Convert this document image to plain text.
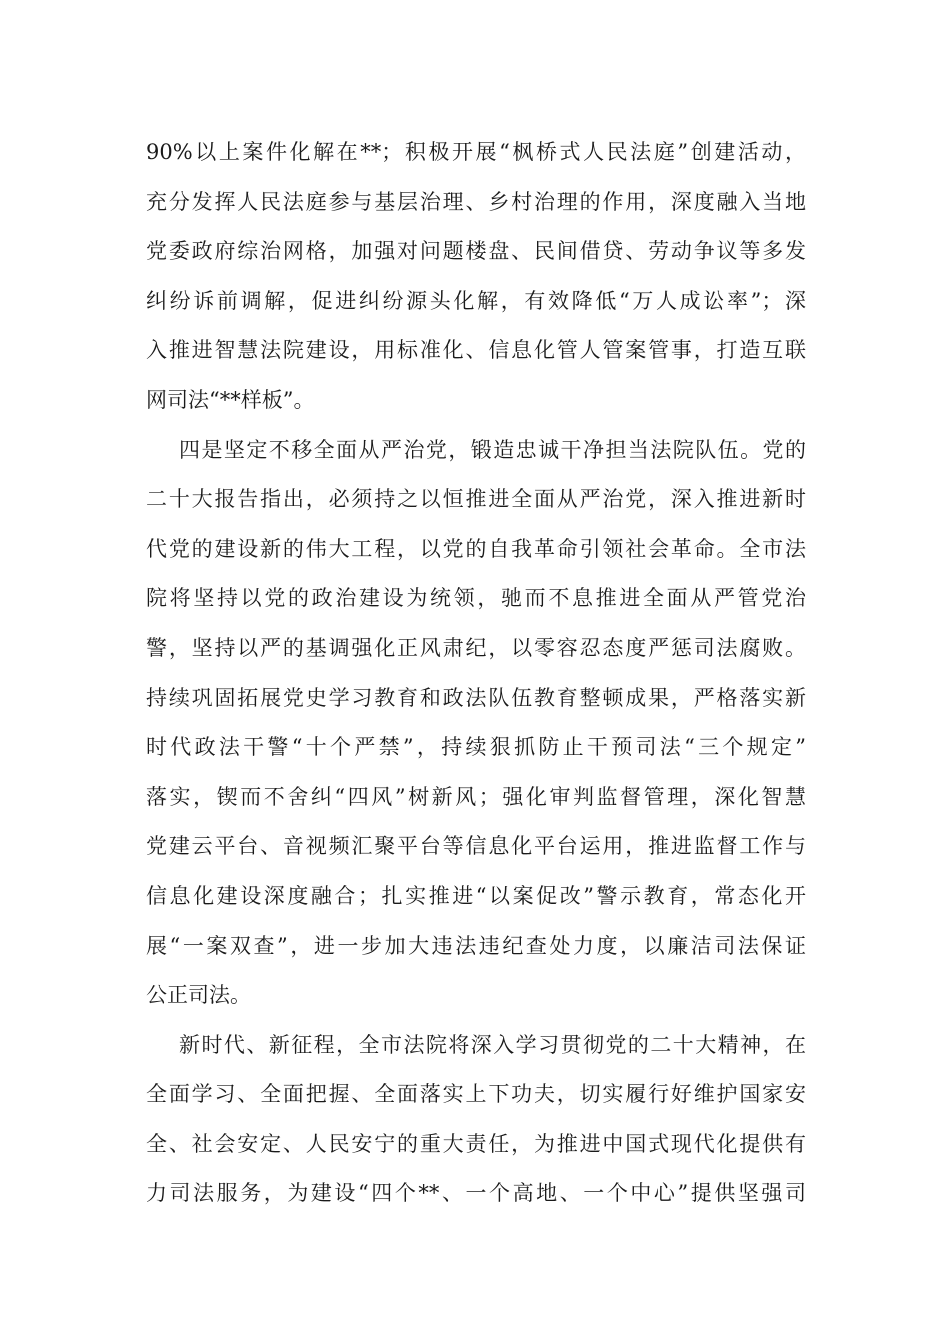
90%以上案件化解在**；积极开展“枫桥式人民法庭”创建活动，
充分发挥人民法庭参与基层治理、乡村治理的作用，深度融入当地
党委政府综治网格，加强对问题楼盘、民间借贷、劳动争议等多发
纠纷诉前调解，促进纠纷源头化解，有效降低“万人成讼率”；深
入推进智慧法院建设，用标准化、信息化管人管案管事，打造互联
网司法“**样板”。
四是坚定不移全面从严治党，锻造忠诚干净担当法院队伍。党的
二十大报告指出，必须持之以恒推进全面从严治党，深入推进新时
代党的建设新的伟大工程，以党的自我革命引领社会革命。全市法
院将坚持以党的政治建设为统领，驰而不息推进全面从严管党治
警，坚持以严的基调强化正风肃纪，以零容忍态度严惩司法腐败。
持续巩固拓展党史学习教育和政法队伍教育整顿成果，严格落实新
时代政法干警“十个严禁”，持续狠抓防止干预司法“三个规定”
落实，锲而不舍纠“四风”树新风；强化审判监督管理，深化智慧
党建云平台、音视频汇聚平台等信息化平台运用，推进监督工作与
信息化建设深度融合；扎实推进“以案促改”警示教育，常态化开
展“一案双查”，进一步加大违法违纪查处力度，以廉洁司法保证
公正司法。
新时代、新征程，全市法院将深入学习贯彻党的二十大精神，在
全面学习、全面把握、全面落实上下功夫，切实履行好维护国家安
全、社会安定、人民安宁的重大责任，为推进中国式现代化提供有
力司法服务，为建设“四个**、一个高地、一个中心”提供坚强司
